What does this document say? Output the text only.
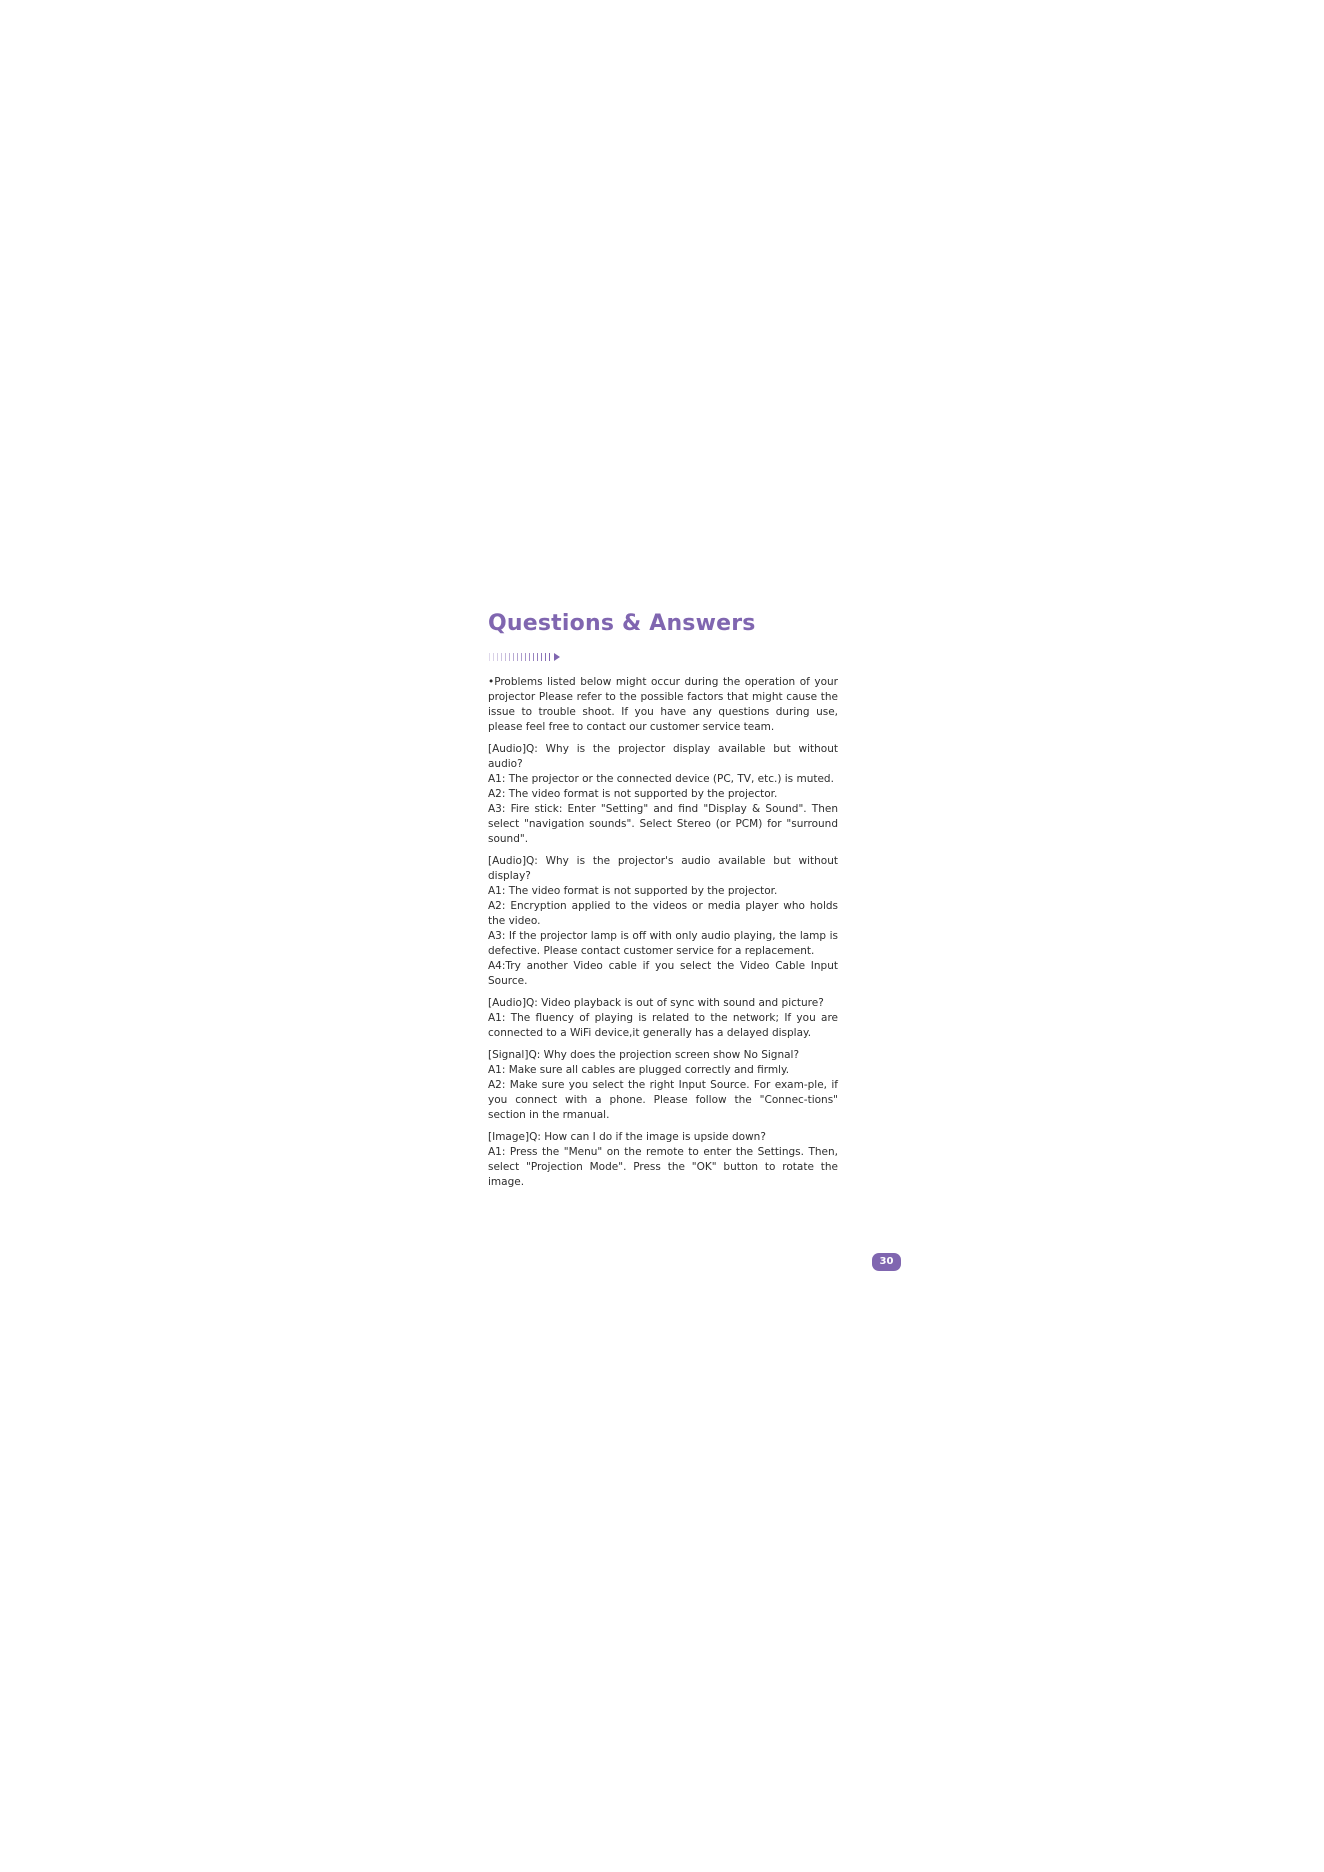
Questions & Answers

•Problems listed below might occur during the operation of your projector Please refer to the possible factors that might cause the issue to trouble shoot. If you have any questions during use, please feel free to contact our customer service team.

[Audio]Q: Why is the projector display available but without audio?
A1: The projector or the connected device (PC, TV, etc.) is muted.
A2: The video format is not supported by the projector.
A3: Fire stick: Enter "Setting" and find "Display & Sound". Then select "navigation sounds". Select Stereo (or PCM) for "surround sound".
[Audio]Q: Why is the projector's audio available but without display?
A1: The video format is not supported by the projector.
A2: Encryption applied to the videos or media player who holds the video.
A3: If the projector lamp is off with only audio playing, the lamp is defective. Please contact customer service for a replacement.
A4:Try another Video cable if you select the Video Cable Input Source.
[Audio]Q: Video playback is out of sync with sound and picture?
A1: The fluency of playing is related to the network; If you are connected to a WiFi device,it generally has a delayed display.
[Signal]Q: Why does the projection screen show No Signal?
A1: Make sure all cables are plugged correctly and firmly.
A2: Make sure you select the right Input Source. For exam-ple, if you connect with a phone. Please follow the "Connec-tions" section in the rmanual.
[Image]Q: How can I do if the image is upside down?
A1: Press the "Menu" on the remote to enter the Settings. Then, select "Projection Mode". Press the "OK" button to rotate the image.
30
